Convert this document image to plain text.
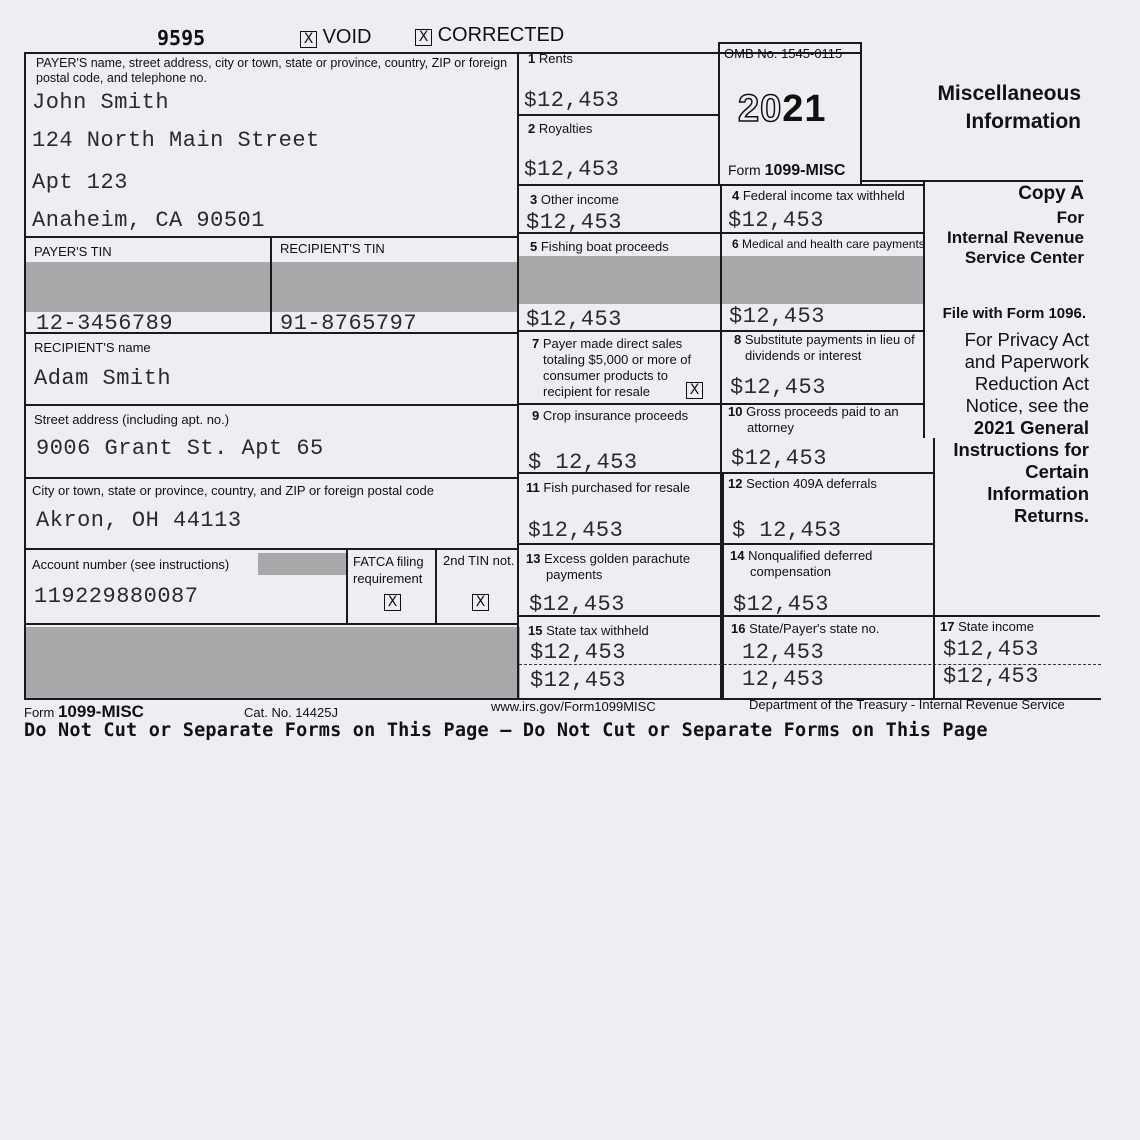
9595	X VOID	X CORRECTED
PAYER'S name, street address, city or town, state or province, country, ZIP or foreign postal code, and telephone no.
John Smith
124 North Main Street
Apt 123
Anaheim, CA 90501
PAYER'S TIN
12-3456789
RECIPIENT'S TIN
91-8765797
RECIPIENT'S name
Adam Smith
Street address (including apt. no.)
9006 Grant St. Apt 65
City or town, state or province, country, and ZIP or foreign postal code
Akron, OH 44113
Account number (see instructions)
119229880087
FATCA filing
requirement
X
2nd TIN not.
X
1 Rents
$12,453
2 Royalties
$12,453
OMB No. 1545-0115
2021
Form 1099-MISC
3 Other income
$12,453
4 Federal income tax withheld
$12,453
5 Fishing boat proceeds
$12,453
6 Medical and health care payments
$12,453
7 Payer made direct sales
totaling $5,000 or more of
consumer products to
recipient for resale	X
8 Substitute payments in lieu of
dividends or interest
$12,453
9 Crop insurance proceeds
$ 12,453
10 Gross proceeds paid to an
attorney
$12,453
11 Fish purchased for resale
$12,453
12 Section 409A deferrals
$ 12,453
13 Excess golden parachute
payments
$12,453
14 Nonqualified deferred
compensation
$12,453
15 State tax withheld
$12,453
$12,453
16 State/Payer's state no.
12,453
12,453
17 State income
$12,453
$12,453
Miscellaneous
Information
Copy A
For
Internal Revenue
Service Center
File with Form 1096.
For Privacy Act
and Paperwork
Reduction Act
Notice, see the
2021 General
Instructions for
Certain
Information
Returns.
Form 1099-MISC	Cat. No. 14425J	www.irs.gov/Form1099MISC	Department of the Treasury - Internal Revenue Service
Do Not Cut or Separate Forms on This Page — Do Not Cut or Separate Forms on This Page
